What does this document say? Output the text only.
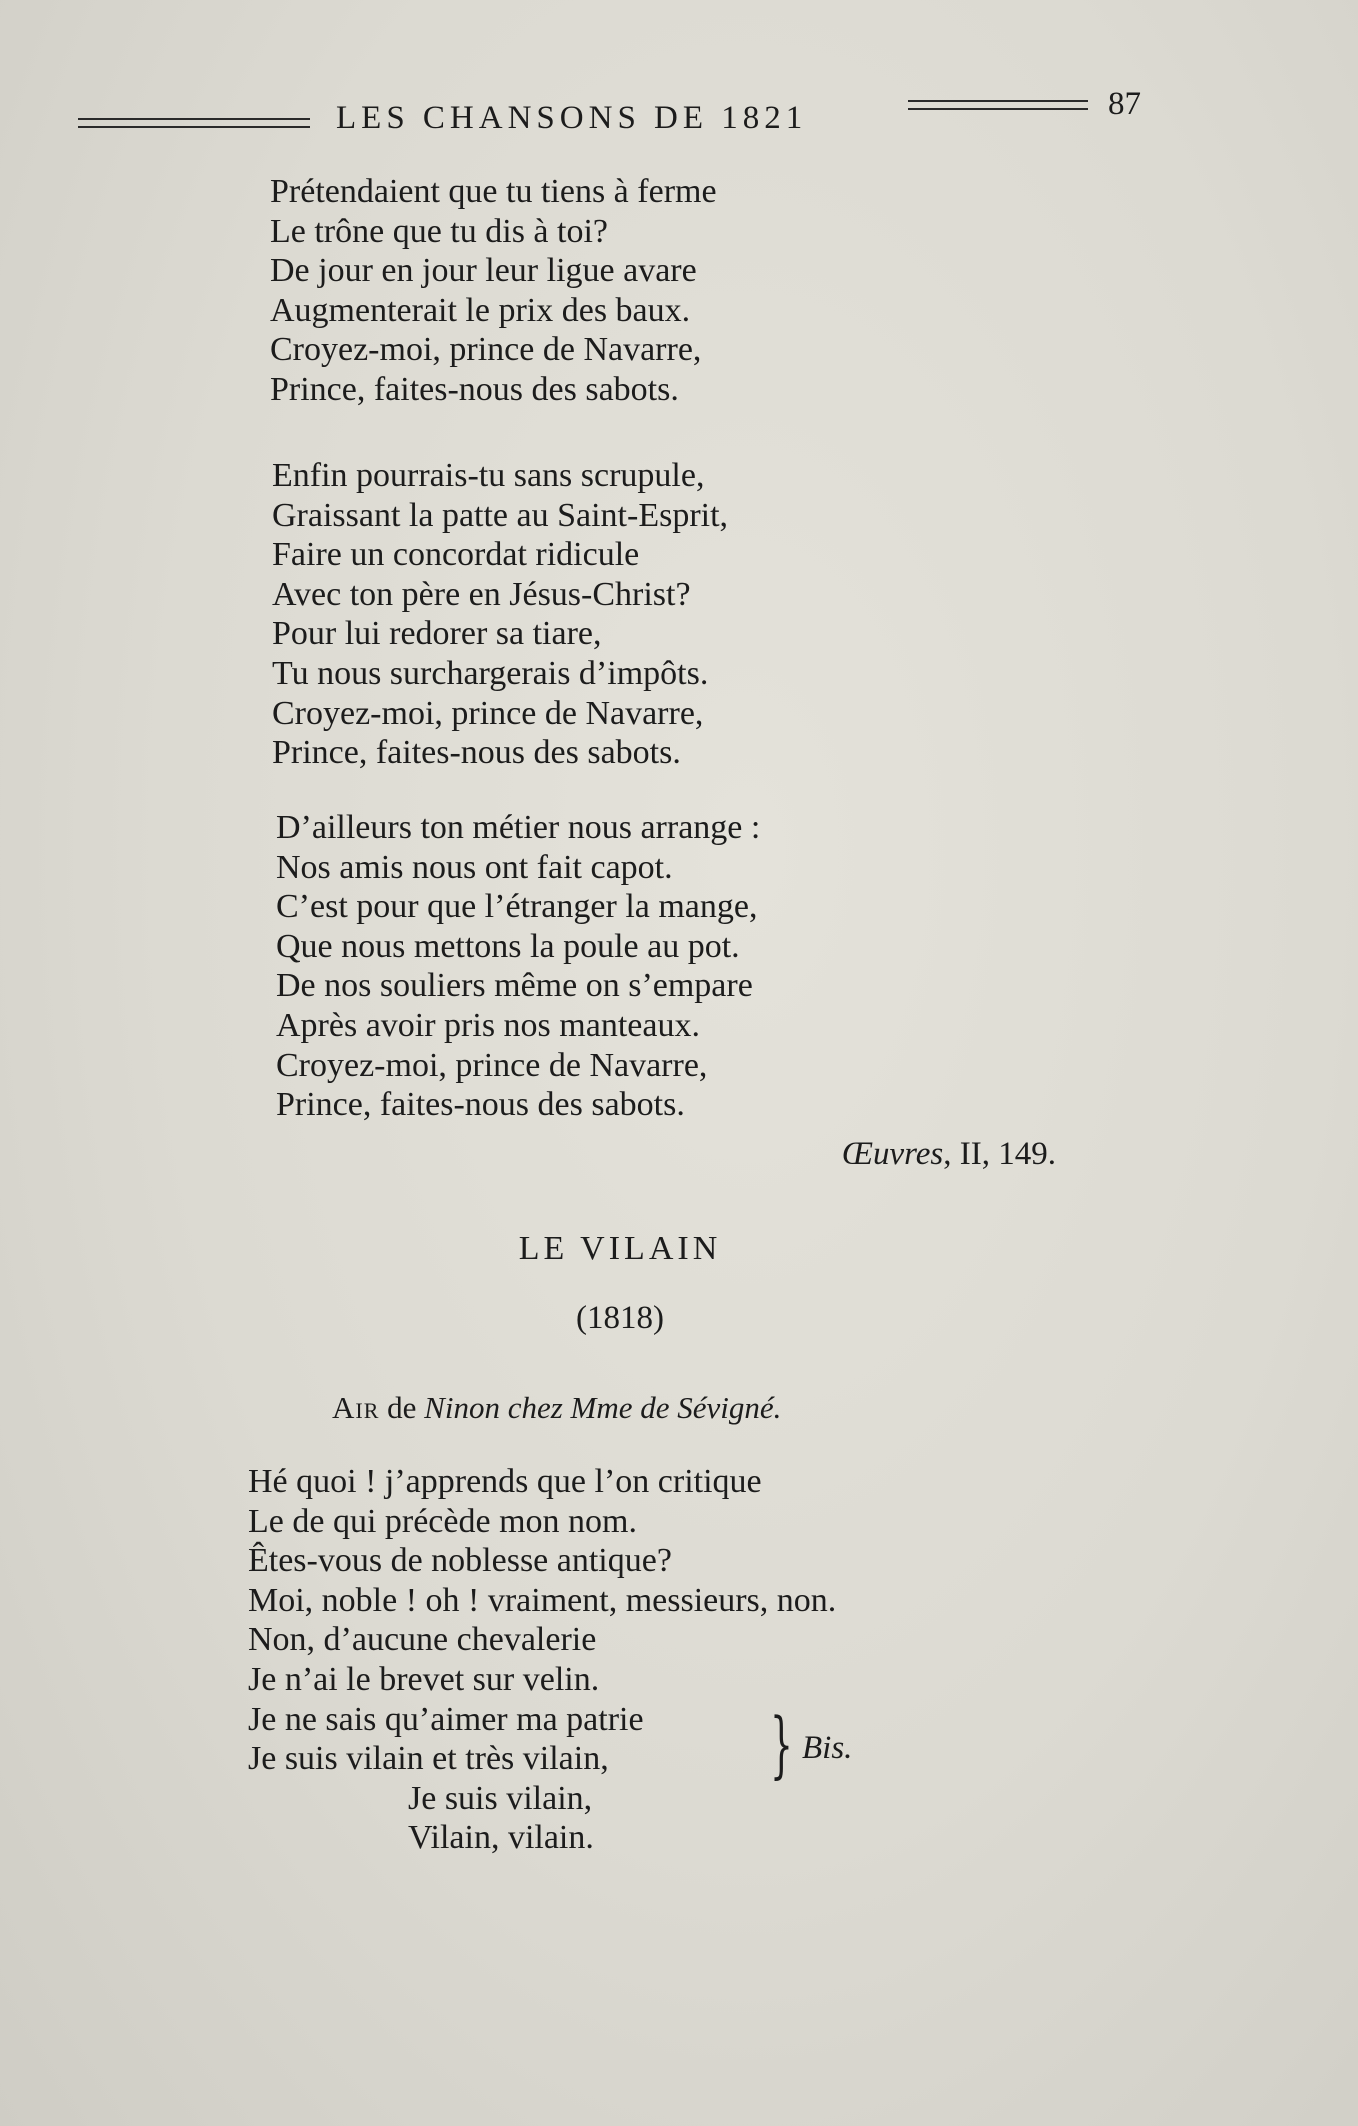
LES CHANSONS DE 1821	87
Prétendaient que tu tiens à ferme
Le trône que tu dis à toi?
De jour en jour leur ligue avare
Augmenterait le prix des baux.
Croyez-moi, prince de Navarre,
Prince, faites-nous des sabots.
Enfin pourrais-tu sans scrupule,
Graissant la patte au Saint-Esprit,
Faire un concordat ridicule
Avec ton père en Jésus-Christ?
Pour lui redorer sa tiare,
Tu nous surchargerais d’impôts.
Croyez-moi, prince de Navarre,
Prince, faites-nous des sabots.
D’ailleurs ton métier nous arrange :
Nos amis nous ont fait capot.
C’est pour que l’étranger la mange,
Que nous mettons la poule au pot.
De nos souliers même on s’empare
Après avoir pris nos manteaux.
Croyez-moi, prince de Navarre,
Prince, faites-nous des sabots.
Œuvres, II, 149.
LE VILAIN
(1818)
Air de Ninon chez Mme de Sévigné.
Hé quoi ! j’apprends que l’on critique
Le de qui précède mon nom.
Êtes-vous de noblesse antique?
Moi, noble ! oh ! vraiment, messieurs, non.
Non, d’aucune chevalerie
Je n’ai le brevet sur velin.
Je ne sais qu’aimer ma patrie
Je suis vilain et très vilain,
Je suis vilain,
Vilain, vilain.
} Bis.
